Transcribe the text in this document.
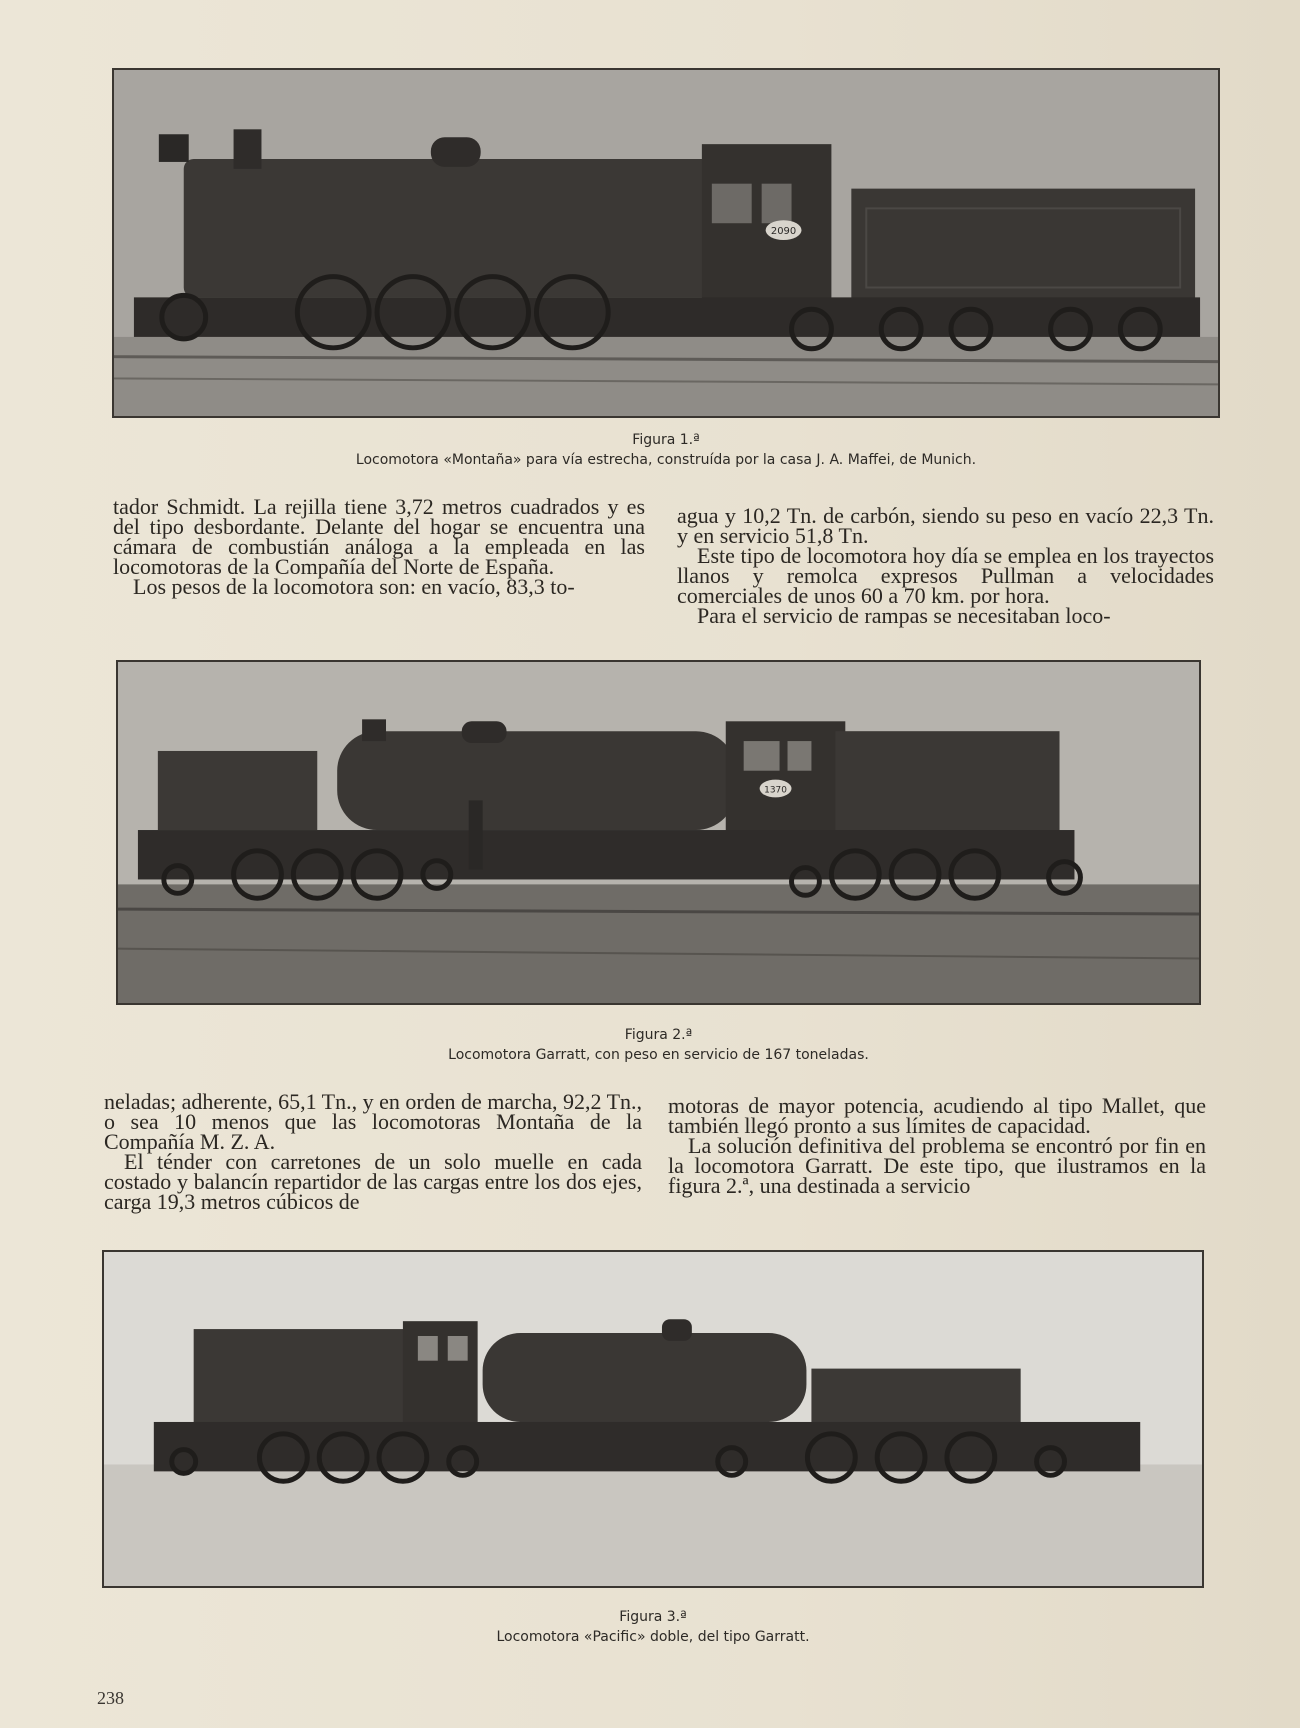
2090
Figura 1.ª
Locomotora «Montaña» para vía estrecha, construída por la casa J. A. Maffei, de Munich.

tador Schmidt. La rejilla tiene 3,72 metros cuadrados y es del tipo desbordante. Delante del hogar se encuentra una cámara de combustián análoga a la empleada en las locomotoras de la Compañía del Norte de España.

Los pesos de la locomotora son: en vacío, 83,3 to-

agua y 10,2 Tn. de carbón, siendo su peso en vacío 22,3 Tn. y en servicio 51,8 Tn.

Este tipo de locomotora hoy día se emplea en los trayectos llanos y remolca expresos Pullman a velocidades comerciales de unos 60 a 70 km. por hora.

Para el servicio de rampas se necesitaban loco-

1370
Figura 2.ª
Locomotora Garratt, con peso en servicio de 167 toneladas.

neladas; adherente, 65,1 Tn., y en orden de marcha, 92,2 Tn., o sea 10 menos que las locomotoras Montaña de la Compañía M. Z. A.

El ténder con carretones de un solo muelle en cada costado y balancín repartidor de las cargas entre los dos ejes, carga 19,3 metros cúbicos de

motoras de mayor potencia, acudiendo al tipo Mallet, que también llegó pronto a sus límites de capacidad.

La solución definitiva del problema se encontró por fin en la locomotora Garratt. De este tipo, que ilustramos en la figura 2.ª, una destinada a servicio

Figura 3.ª
Locomotora «Pacific» doble, del tipo Garratt.
238
